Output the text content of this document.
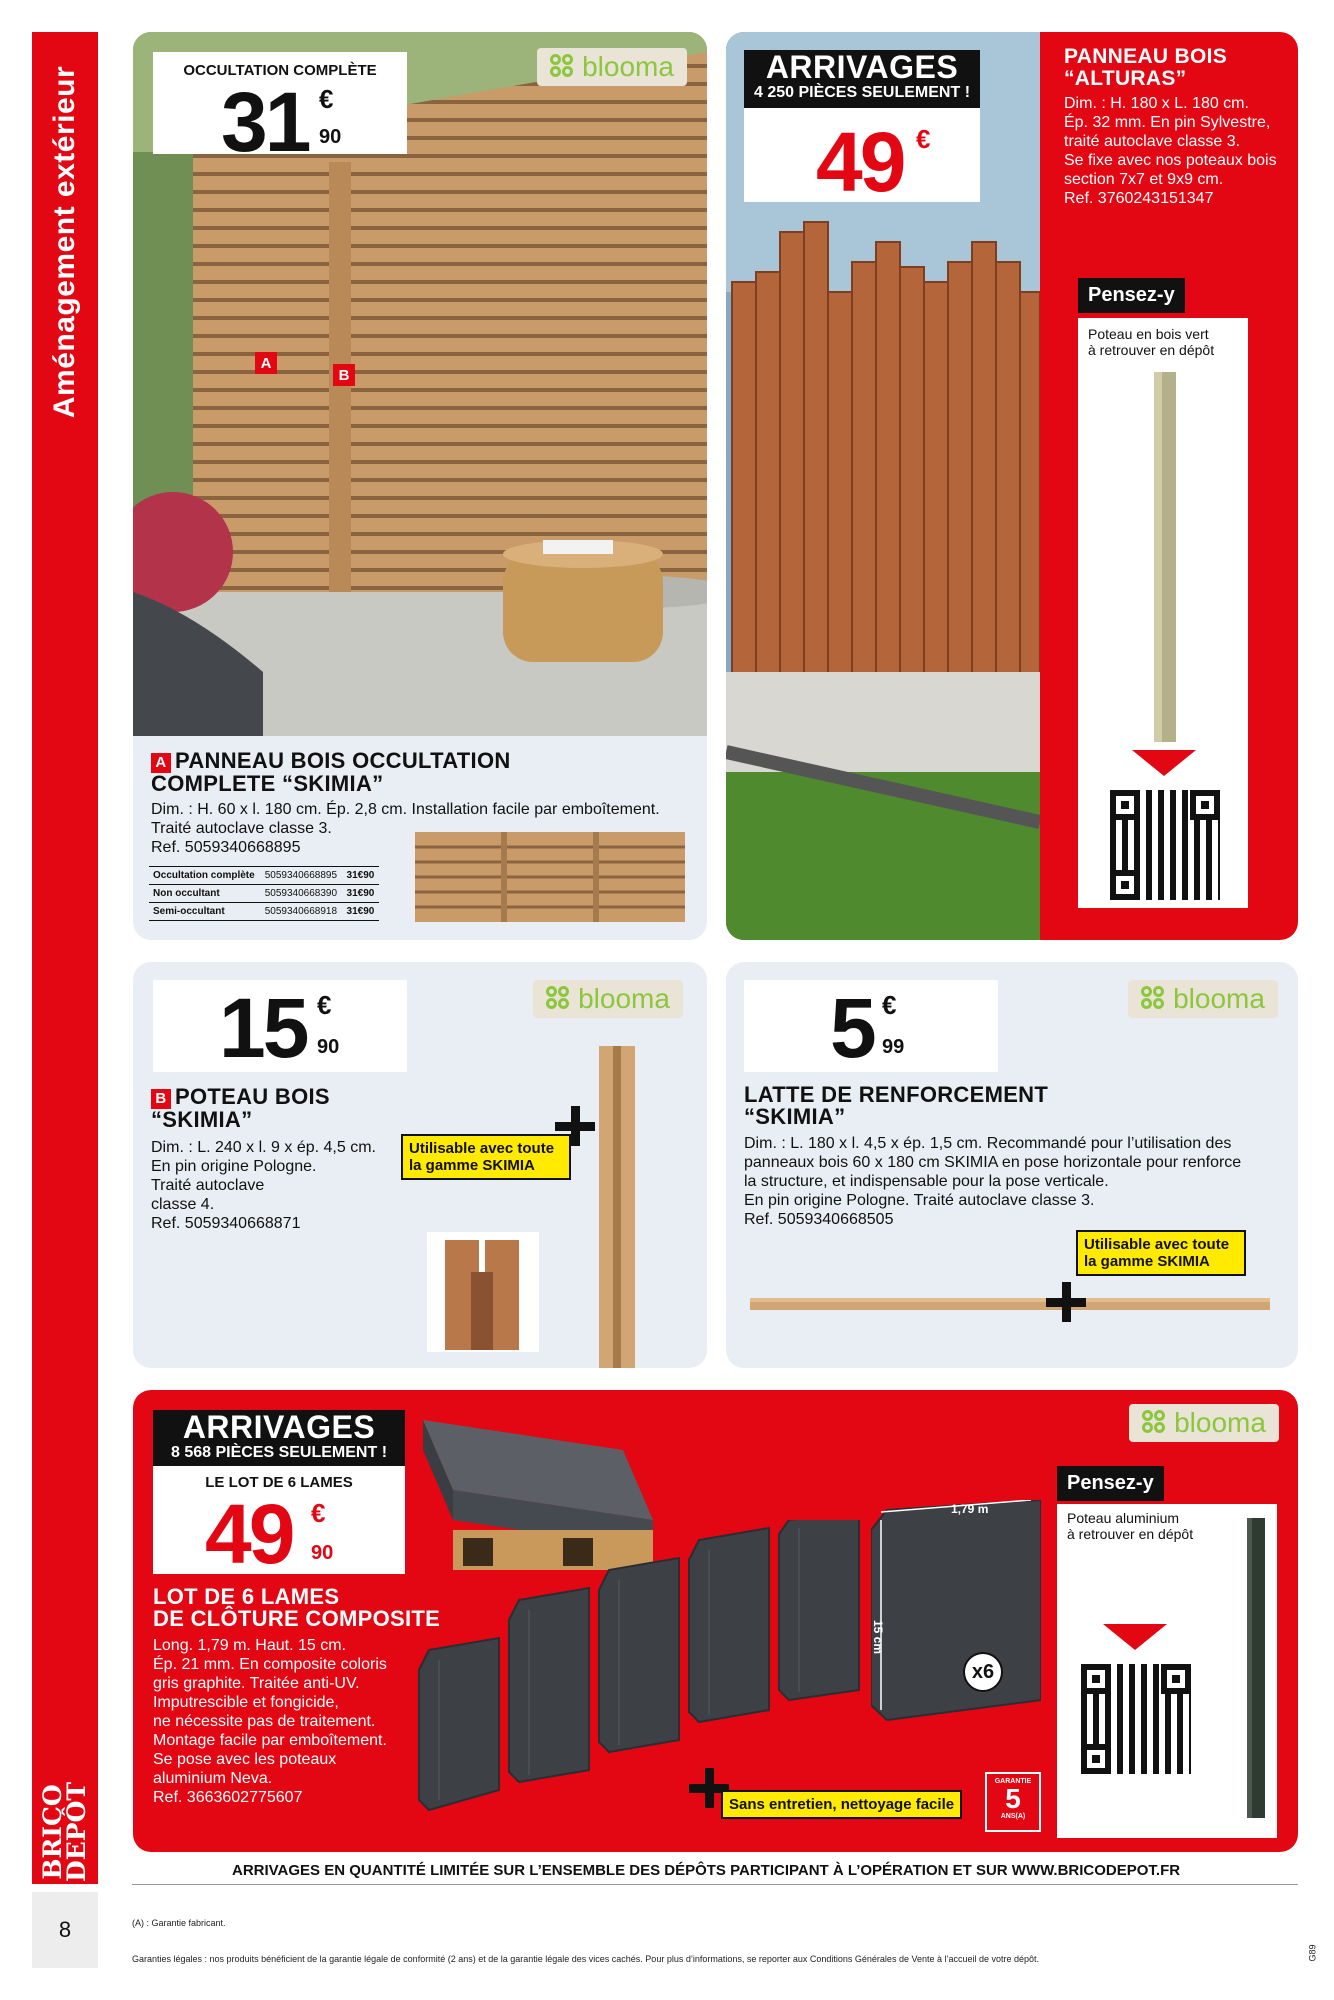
Aménagement extérieur
BRICO
DEPÔT
8
A
B
OCCULTATION COMPLÈTE
31 €
90
blooma
A PANNEAU BOIS OCCULTATION
COMPLETE “SKIMIA”
Dim. : H. 60 x l. 180 cm. Ép. 2,8 cm. Installation facile par emboîtement.
Traité autoclave classe 3.
Ref. 5059340668895
Occultation complète	5059340668895	31€90
Non occultant	5059340668390	31€90
Semi-occultant	5059340668918	31€90
ARRIVAGES
4 250 PIÈCES SEULEMENT !
49 €
PANNEAU BOIS
“ALTURAS”
Dim. : H. 180 x L. 180 cm.
Ép. 32 mm. En pin Sylvestre,
traité autoclave classe 3.
Se fixe avec nos poteaux bois
section 7x7 et 9x9 cm.
Ref. 3760243151347
Pensez-y
Poteau en bois vert
à retrouver en dépôt
15 €
90
blooma
B POTEAU BOIS
“SKIMIA”
Dim. : L. 240 x l. 9 x ép. 4,5 cm.
En pin origine Pologne.
Traité autoclave
classe 4.
Ref. 5059340668871
Utilisable avec toute
la gamme SKIMIA
5 €
99
blooma
LATTE DE RENFORCEMENT
“SKIMIA”
Dim. : L. 180 x l. 4,5 x ép. 1,5 cm. Recommandé pour l’utilisation des
panneaux bois 60 x 180 cm SKIMIA en pose horizontale pour renforce
la structure, et indispensable pour la pose verticale.
En pin origine Pologne. Traité autoclave classe 3.
Ref. 5059340668505
Utilisable avec toute
la gamme SKIMIA
ARRIVAGES
8 568 PIÈCES SEULEMENT !
LE LOT DE 6 LAMES
49 €
90
LOT DE 6 LAMES
DE CLÔTURE COMPOSITE
Long. 1,79 m. Haut. 15 cm.
Ép. 21 mm. En composite coloris
gris graphite. Traitée anti-UV.
Imputrescible et fongicide,
ne nécessite pas de traitement.
Montage facile par emboîtement.
Se pose avec les poteaux
aluminium Neva.
Ref. 3663602775607
1,79 m
15 cm
x6
Sans entretien, nettoyage facile
GARANTIE
5
ANS(A)
blooma
Pensez-y
Poteau aluminium
à retrouver en dépôt
ARRIVAGES EN QUANTITÉ LIMITÉE SUR L’ENSEMBLE DES DÉPÔTS PARTICIPANT À L’OPÉRATION ET SUR WWW.BRICODEPOT.FR
(A) : Garantie fabricant.
Garanties légales : nos produits bénéficient de la garantie légale de conformité (2 ans) et de la garantie légale des vices cachés. Pour plus d’informations, se reporter aux Conditions Générales de Vente à l’accueil de votre dépôt.	G89
